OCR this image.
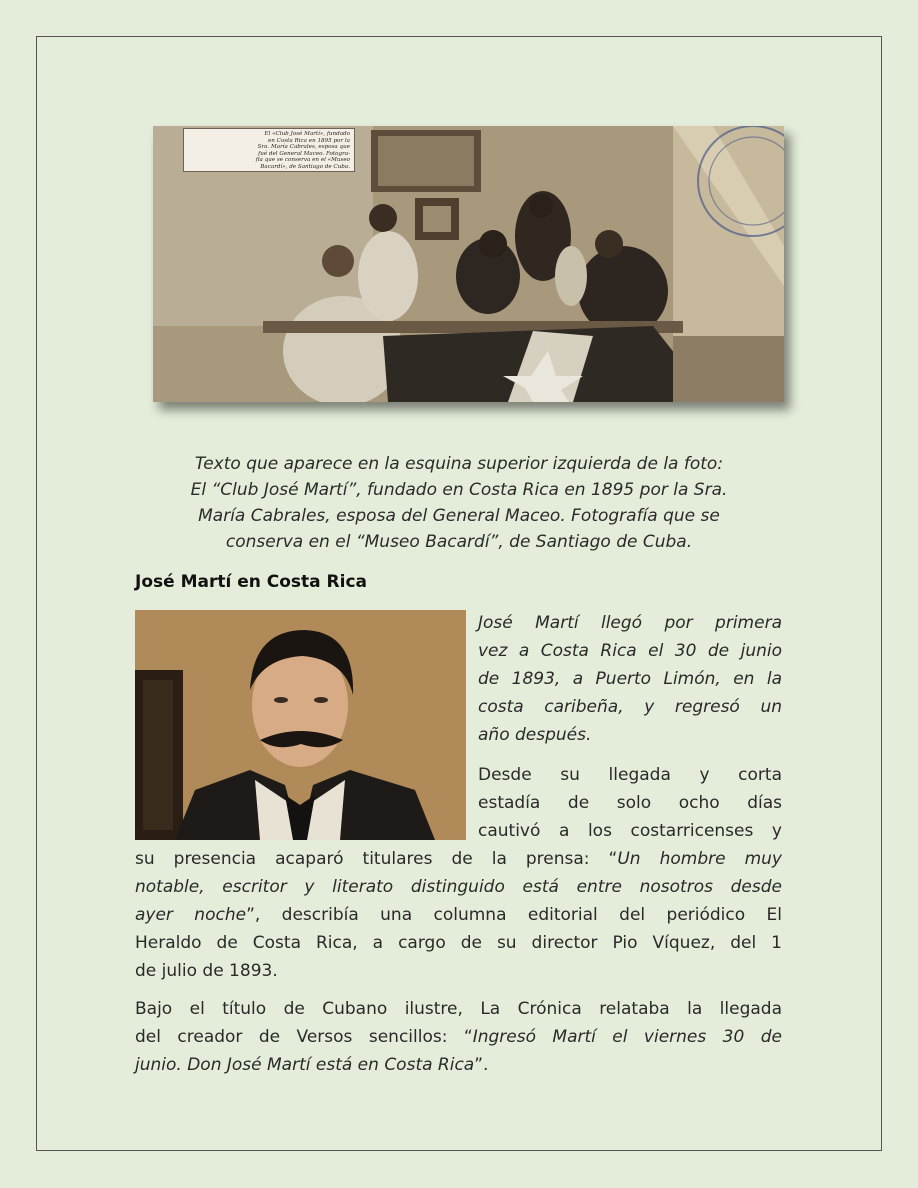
El «Club José Martí», fundado
en Costa Rica en 1895 por la
Sra. María Cabrales, esposa que
fué del General Maceo. Fotogra-
fía que se conserva en el «Museo
Bacardí», de Santiago de Cuba.

Texto que aparece en la esquina superior izquierda de la foto:
El “Club José Martí”, fundado en Costa Rica en 1895 por la Sra.
María Cabrales, esposa del General Maceo. Fotografía que se
conserva en el “Museo Bacardí”, de Santiago de Cuba.

José Martí en Costa Rica

José Martí llegó por primera
vez a Costa Rica el 30 de junio
de 1893, a Puerto Limón, en la
costa caribeña, y regresó un
año después.

Desde su llegada y corta
estadía de solo ocho días
cautivó a los costarricenses y

su presencia acaparó titulares de la prensa: “Un hombre muy
notable, escritor y literato distinguido está entre nosotros desde
ayer noche”, describía una columna editorial del periódico El
Heraldo de Costa Rica, a cargo de su director Pio Víquez, del 1
de julio de 1893.

Bajo el título de Cubano ilustre, La Crónica relataba la llegada
del creador de Versos sencillos: “Ingresó Martí el viernes 30 de
junio. Don José Martí está en Costa Rica”.
